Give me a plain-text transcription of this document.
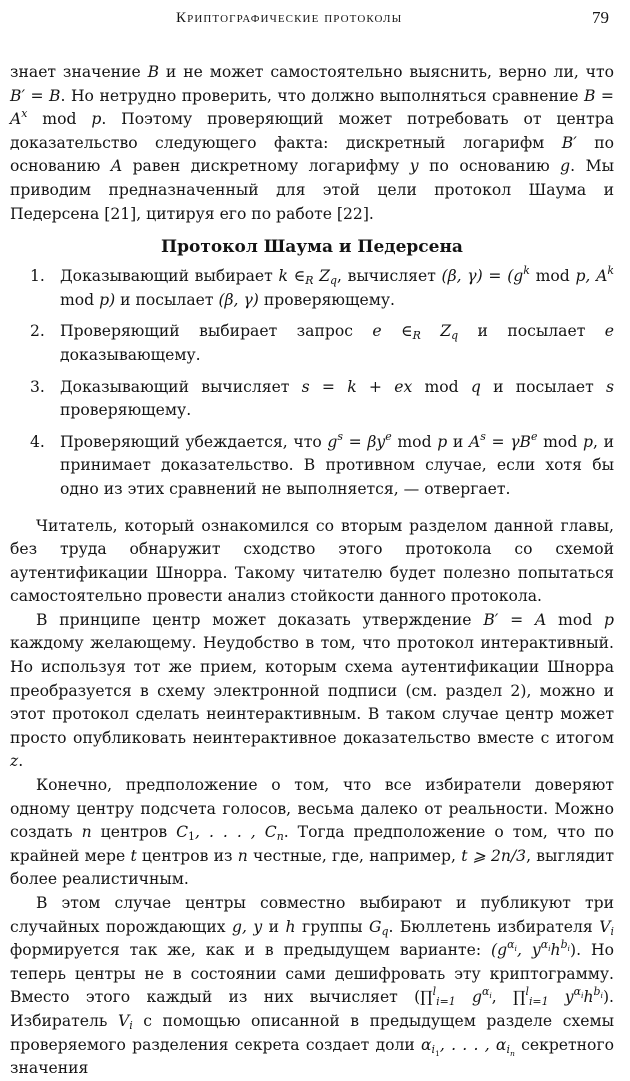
Криптографические протоколы	79

знает значение B и не может самостоятельно выяснить, верно ли, что B′ = B. Но нетрудно проверить, что должно выполняться сравнение $B = A^x$ mod p. Поэтому проверяющий может потребовать от центра доказательство следующего факта: дискретный логарифм B′ по основанию A равен дискретному логарифму y по основанию g. Мы приводим предназначенный для этой цели протокол Шаума и Педерсена [21], цитируя его по работе [22].

Протокол Шаума и Педерсена
1. Доказывающий выбирает k $\in_R$ $Z_q$, вычисляет (β, $\gamma) = (g^k$ mod p, $A^k$ mod p) и посылает (β, γ) проверяющему.
2. Проверяющий выбирает запрос e $\in_R$ $Z_q$ и посылает e доказывающему.
3. Доказывающий вычисляет s = k + ex mod q и посылает s проверяющему.
4. Проверяющий убеждается, что $g^s = \beta y^e$ mod p и $A^s = \gamma B^e$ mod p, и принимает доказательство. В противном случае, если хотя бы одно из этих сравнений не выполняется, — отвергает.

Читатель, который ознакомился со вторым разделом данной главы, без труда обнаружит сходство этого протокола со схемой аутентификации Шнорра. Такому читателю будет полезно попытаться самостоятельно провести анализ стойкости данного протокола.

В принципе центр может доказать утверждение B′ = A mod p каждому желающему. Неудобство в том, что протокол интерактивный. Но используя тот же прием, которым схема аутентификации Шнорра преобразуется в схему электронной подписи (см. раздел 2), можно и этот протокол сделать неинтерактивным. В таком случае центр может просто опубликовать неинтерактивное доказательство вместе с итогом z.

Конечно, предположение о том, что все избиратели доверяют одному центру подсчета голосов, весьма далеко от реальности. Можно создать n центров $C_1$, . . . , $C_n$. Тогда предположение о том, что по крайней мере t центров из n честные, где, например, t ⩾ 2n/3, выглядит более реалистичным.

В этом случае центры совместно выбирают и публикуют три случайных порождающих g, y и h группы $G_q$. Бюллетень избирателя $V_i$ формируется так же, как и в предыдущем варианте: ($g^{\alpha_i}$, $y^{\alpha_i}h^{b_i}$). Но теперь центры не в состоянии сами дешифровать эту криптограмму. Вместо этого каждый из них вычисляет (∏$^l_{i=1}$ $g^{\alpha_i}$, ∏$^l_{i=1}$ $y^{\alpha_i}h^{b_i}$). Избиратель $V_i$ с помощью описанной в предыдущем разделе схемы проверяемого разделения секрета создает доли $\alpha_{i_1}$, . . . , $\alpha_{i_n}$ секретного значения
